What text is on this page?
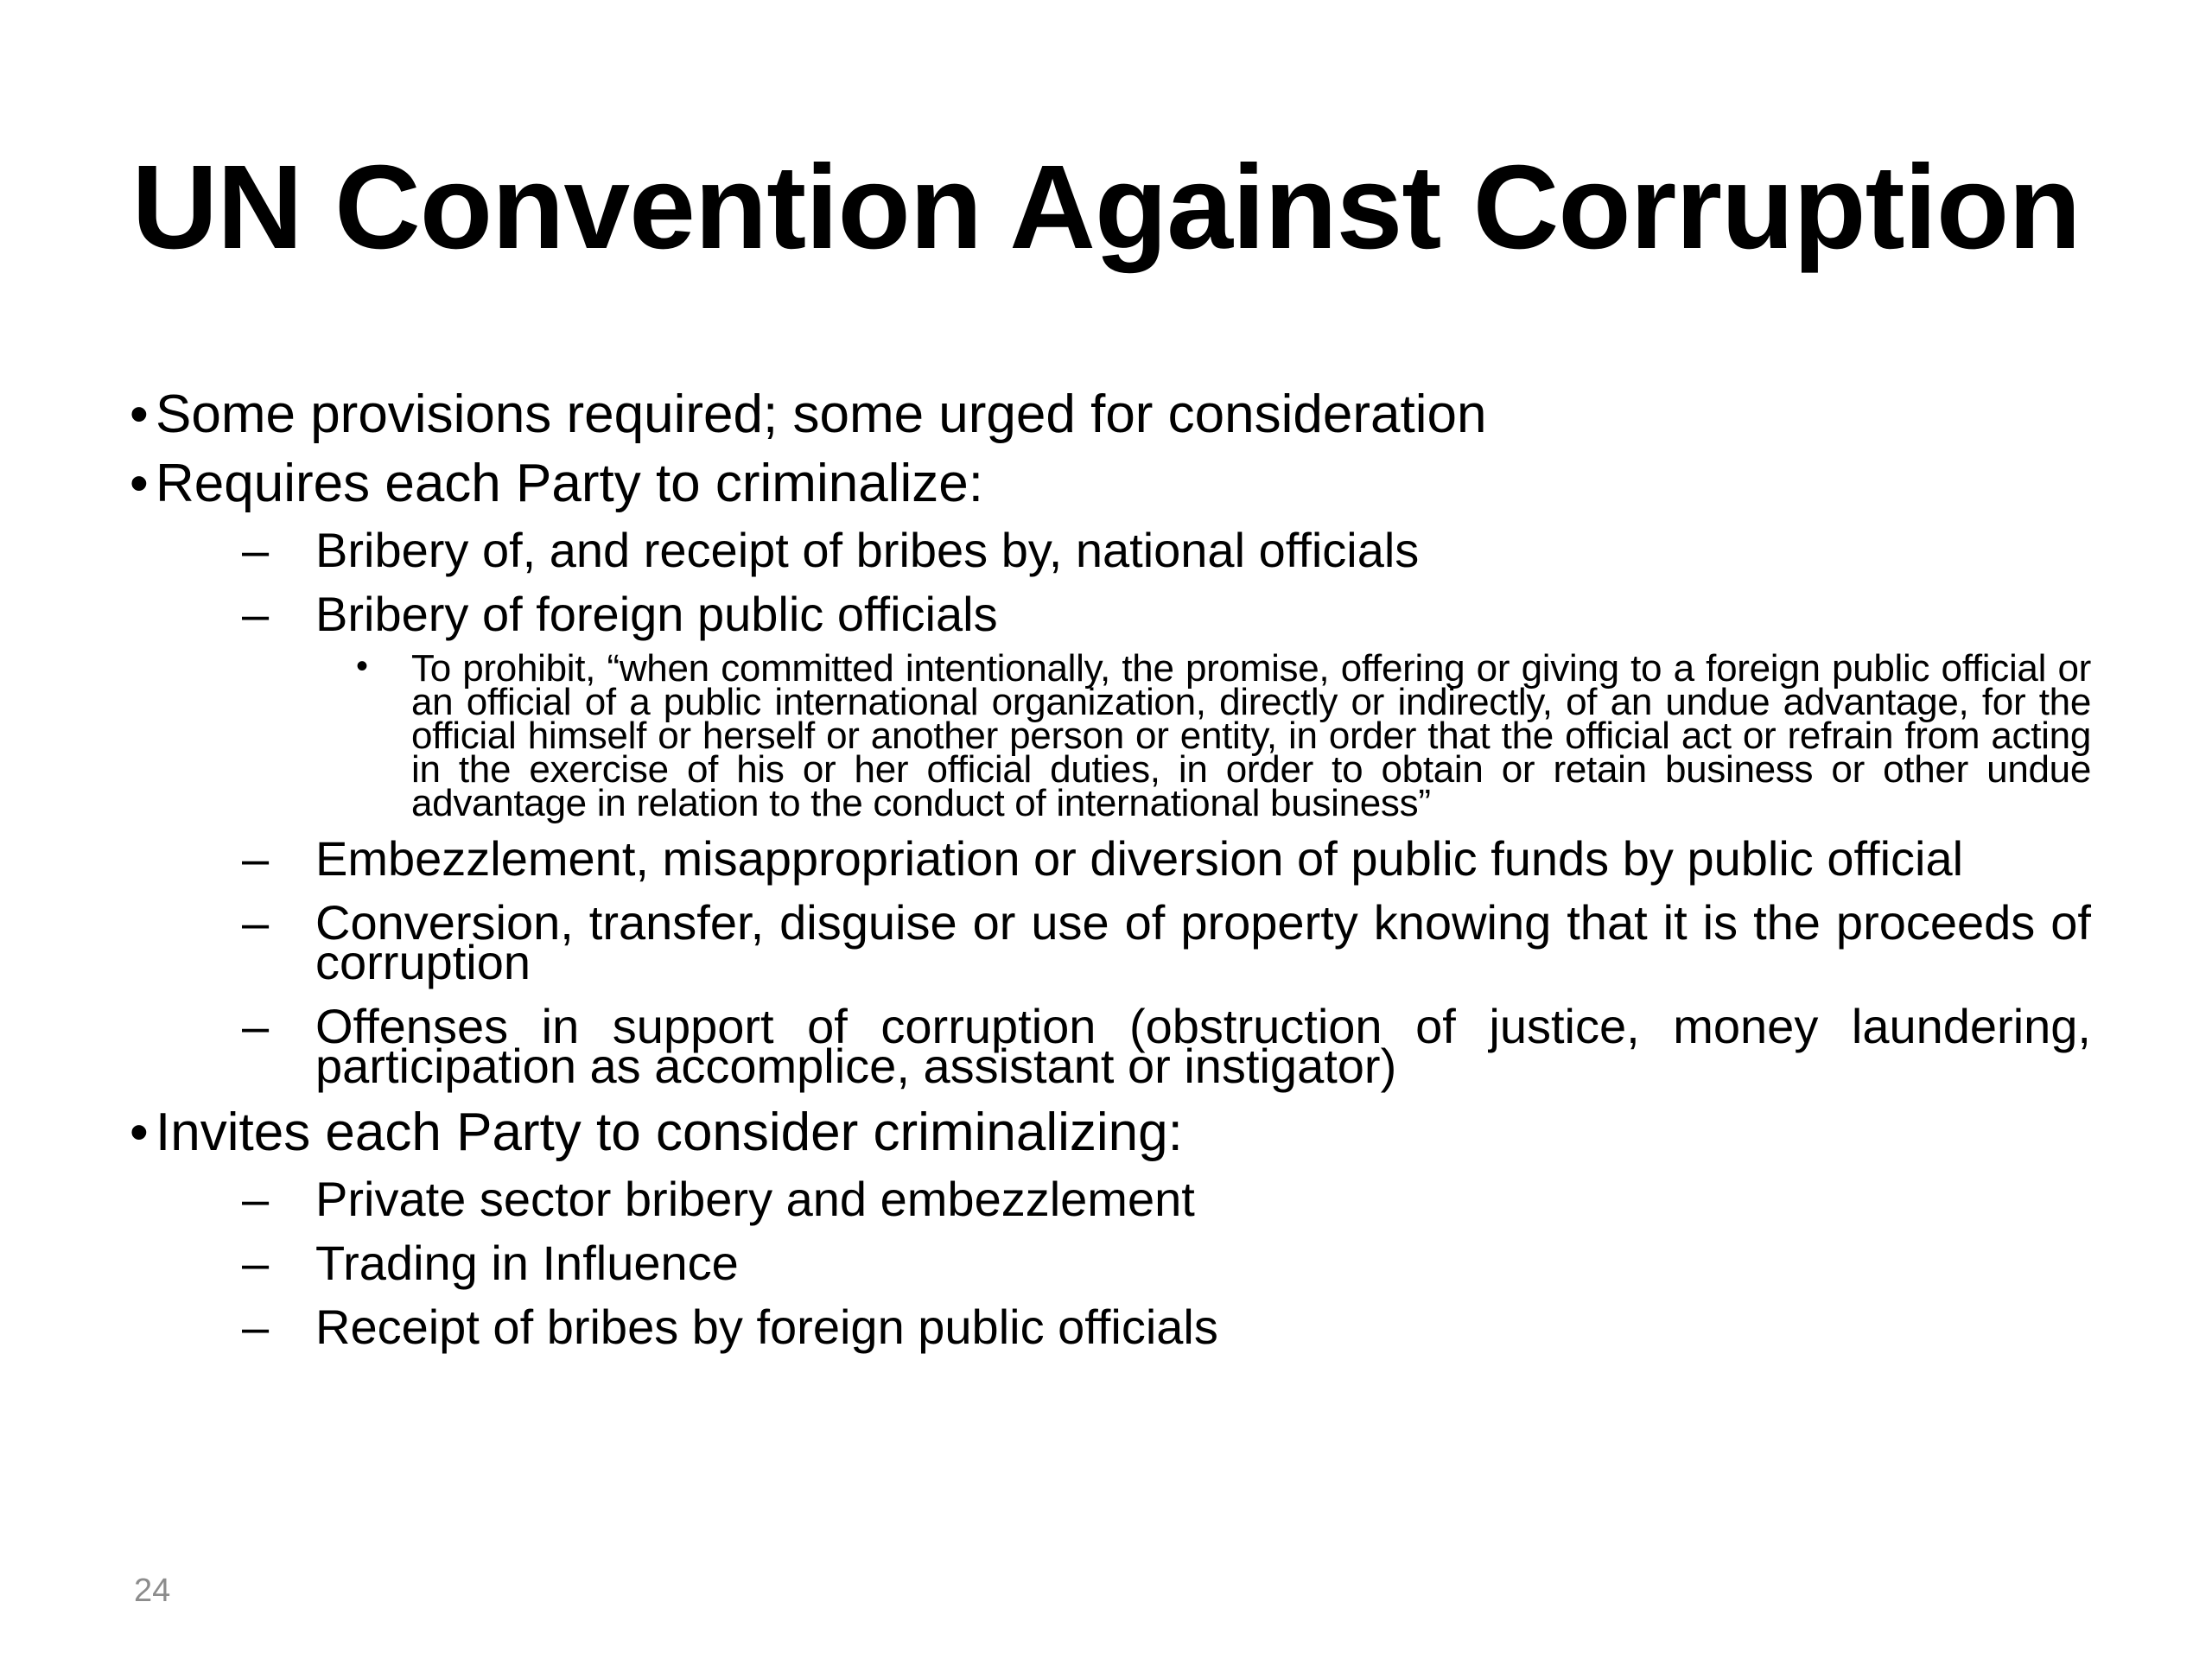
UN Convention Against Corruption

• Some provisions required; some urged for consideration

• Requires each Party to criminalize:

– Bribery of, and receipt of bribes by, national officials

– Bribery of foreign public officials

• To prohibit, “when committed intentionally, the promise, offering or giving to a foreign public official or an official of a public international organization, directly or indirectly, of an undue advantage, for the official himself or herself or another person or entity, in order that the official act or refrain from acting in the exercise of his or her official duties, in order to obtain or retain business or other undue advantage in relation to the conduct of international business”

– Embezzlement, misappropriation or diversion of public funds by public official

– Conversion, transfer, disguise or use of property knowing that it is the proceeds of corruption

– Offenses in support of corruption (obstruction of justice, money laundering, participation as accomplice, assistant or instigator)

• Invites each Party to consider criminalizing:

– Private sector bribery and embezzlement

– Trading in Influence

– Receipt of bribes by foreign public officials

24
